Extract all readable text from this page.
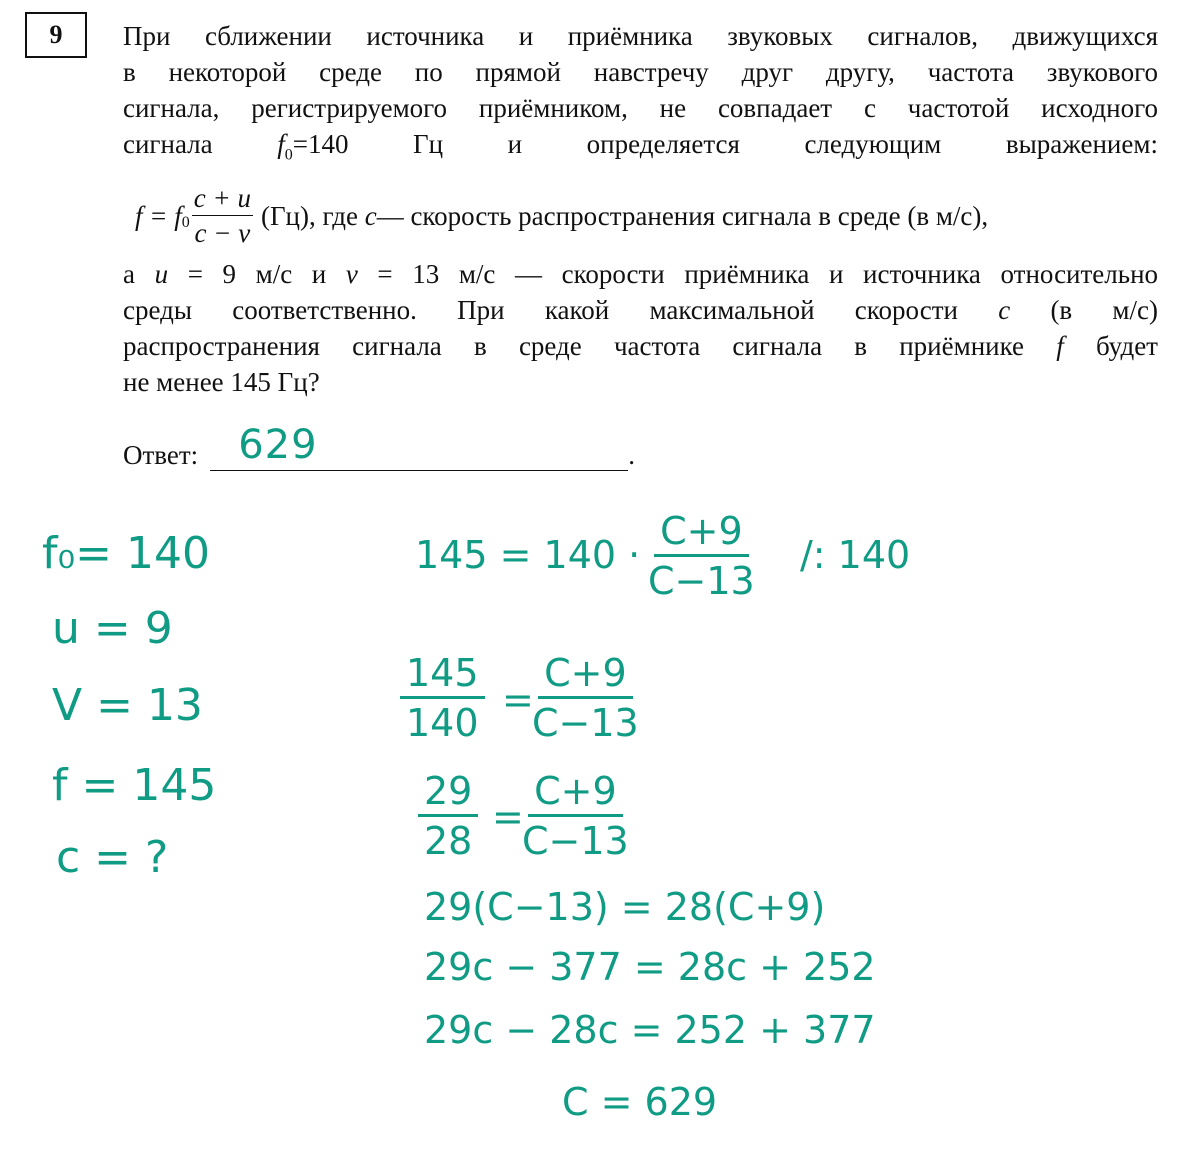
9 При сближении источника и приёмника звуковых сигналов, движущихся
в некоторой среде по прямой навстречу друг другу, частота звукового
сигнала, регистрируемого приёмником, не совпадает с частотой исходного
сигнала $f_0=140$ Гц и определяется следующим выражением:
$f = f_0 \frac{c + u}{c - v} (Гц)$, где
c — скорость распространения сигнала в среде (в м/с),
а u = 9 м/с и v = 13 м/с — скорости приёмника и источника относительно
среды соответственно. При какой максимальной скорости c (в м/с)
распространения сигнала в среде частота сигнала в приёмнике f будет
не менее 145 Гц?
Ответ: 629	.
f₀= 140
u = 9
V = 13
f = 145
c = ?
145 = 140 ·
C+9
C−13
/: 140
145
140
=
C+9
C−13
29
28
=
C+9
C−13
29(C−13) = 28(C+9)
29c − 377 = 28c + 252
29c − 28c = 252 + 377
C = 629
